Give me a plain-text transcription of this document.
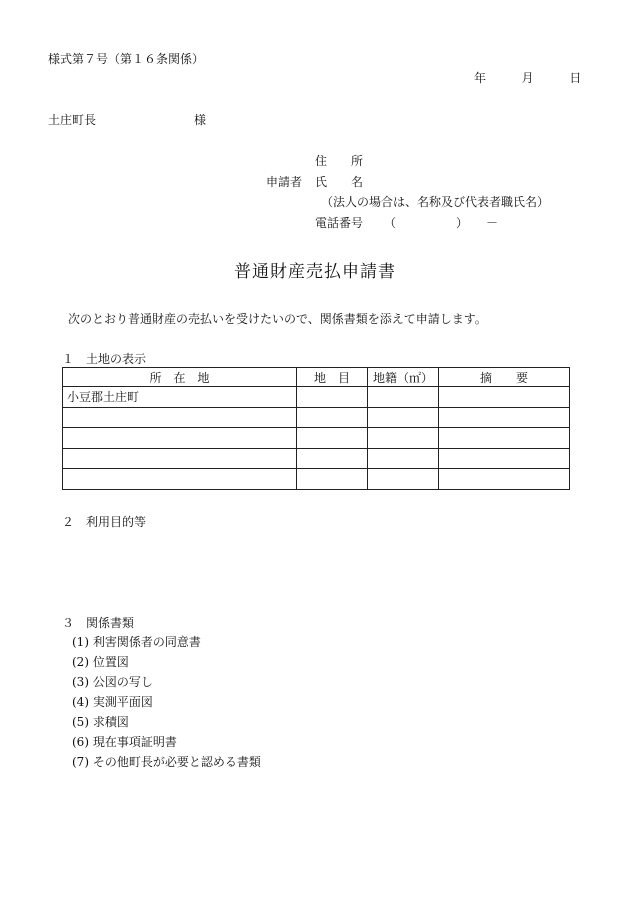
様式第７号（第１６条関係）
年	月	日
土庄町長	様
住　　所
申請者 氏　　名
（法人の場合は、名称及び代表者職氏名）
電話番号 （　　　　　）　　－
普通財産売払申請書
次のとおり普通財産の売払いを受けたいので、関係書類を添えて申請します。
１　土地の表示
所　在　地	地　目	地籍（㎡）	摘　　要
小豆郡土庄町			

２　利用目的等
３　関係書類
(1) 利害関係者の同意書
(2) 位置図
(3) 公図の写し
(4) 実測平面図
(5) 求積図
(6) 現在事項証明書
(7) その他町長が必要と認める書類
